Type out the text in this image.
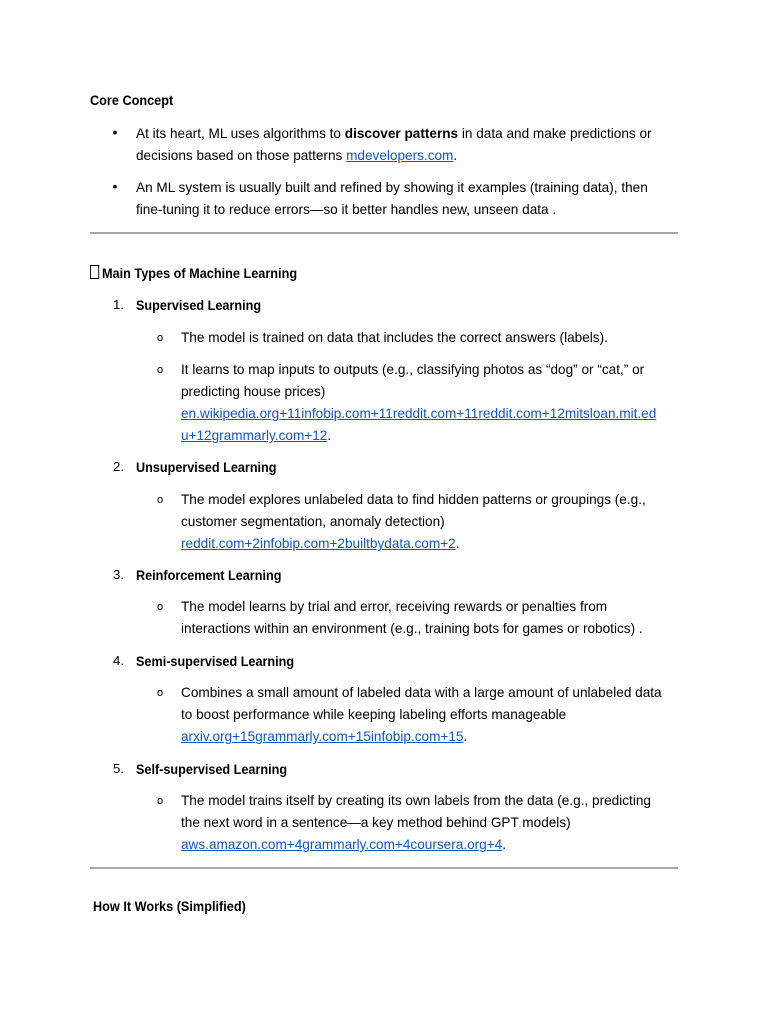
Core Concept
• At its heart, ML uses algorithms to discover patterns in data and make predictions or
decisions based on those patterns mdevelopers.com.
• An ML system is usually built and refined by showing it examples (training data), then
fine-tuning it to reduce errors—so it better handles new, unseen data .
Main Types of Machine Learning
1. Supervised Learning
o The model is trained on data that includes the correct answers (labels).
o It learns to map inputs to outputs (e.g., classifying photos as “dog” or “cat,” or
predicting house prices)
en.wikipedia.org+11infobip.com+11reddit.com+11reddit.com+12mitsloan.mit.ed
u+12grammarly.com+12.
2. Unsupervised Learning
o The model explores unlabeled data to find hidden patterns or groupings (e.g.,
customer segmentation, anomaly detection)
reddit.com+2infobip.com+2builtbydata.com+2.
3. Reinforcement Learning
o The model learns by trial and error, receiving rewards or penalties from
interactions within an environment (e.g., training bots for games or robotics) .
4. Semi-supervised Learning
o Combines a small amount of labeled data with a large amount of unlabeled data
to boost performance while keeping labeling efforts manageable
arxiv.org+15grammarly.com+15infobip.com+15.
5. Self-supervised Learning
o The model trains itself by creating its own labels from the data (e.g., predicting
the next word in a sentence—a key method behind GPT models)
aws.amazon.com+4grammarly.com+4coursera.org+4.
How It Works (Simplified)
